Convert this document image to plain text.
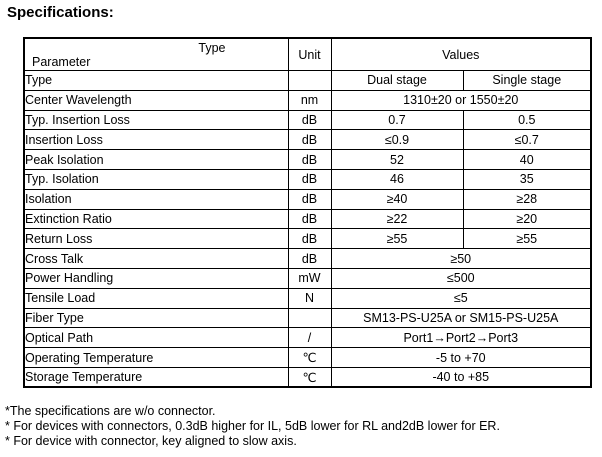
Specifications:
Type
Parameter	Unit	Values	
Type		Dual stage	Single stage
Center Wavelength	nm	1310±20 or 1550±20	
Typ. Insertion Loss	dB	0.7	0.5
Insertion Loss	dB	≤0.9	≤0.7
Peak Isolation	dB	52	40
Typ. Isolation	dB	46	35
Isolation	dB	≥40	≥28
Extinction Ratio	dB	≥22	≥20
Return Loss	dB	≥55	≥55
Cross Talk	dB	≥50	
Power Handling	mW	≤500	
Tensile Load	N	≤5	
Fiber Type		SM13-PS-U25A or SM15-PS-U25A	
Optical Path	/	Port1→Port2→Port3	
Operating Temperature	℃	-5 to +70	
Storage Temperature	℃	-40 to +85	

*The specifications are w/o connector.

* For devices with connectors, 0.3dB higher for IL, 5dB lower for RL and2dB lower for ER.

* For device with connector, key aligned to slow axis.
